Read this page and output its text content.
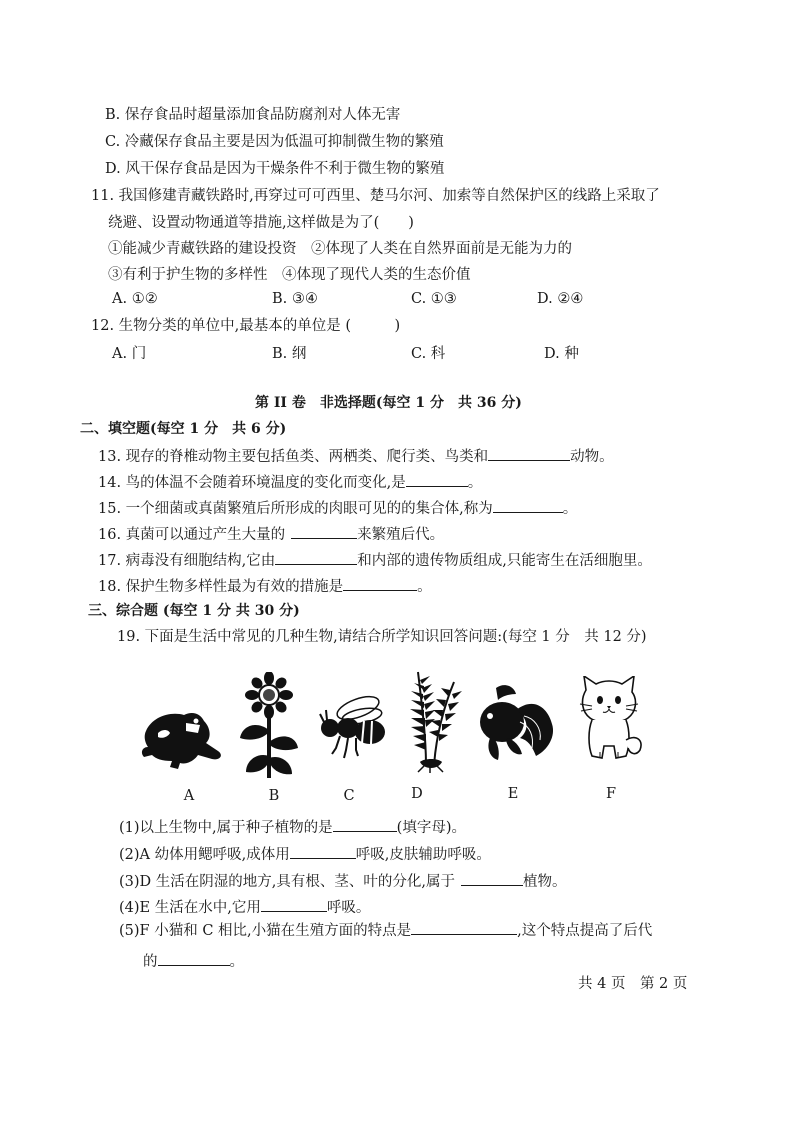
B. 保存食品时超量添加食品防腐剂对人体无害
C. 冷藏保存食品主要是因为低温可抑制微生物的繁殖
D. 风干保存食品是因为干燥条件不利于微生物的繁殖
11. 我国修建青藏铁路时,再穿过可可西里、楚马尔河、加索等自然保护区的线路上采取了
绕避、设置动物通道等措施,这样做是为了(　　)
①能减少青藏铁路的建设投资　②体现了人类在自然界面前是无能为力的
③有利于护生物的多样性　④体现了现代人类的生态价值
A. ①②	B. ③④	C. ①③	D. ②④
12. 生物分类的单位中,最基本的单位是 (　　　)
A. 门	B. 纲	C. 科	D. 种
第 II 卷　非选择题(每空 1 分　共 36 分)
二、填空题(每空 1 分　共 6 分)
13. 现存的脊椎动物主要包括鱼类、两栖类、爬行类、鸟类和	动物。
14. 鸟的体温不会随着环境温度的变化而变化,是	。
15. 一个细菌或真菌繁殖后所形成的肉眼可见的的集合体,称为	。
16. 真菌可以通过产生大量的	来繁殖后代。
17. 病毒没有细胞结构,它由	和内部的遗传物质组成,只能寄生在活细胞里。
18. 保护生物多样性最为有效的措施是	。
三、综合题 (每空 1 分 共 30 分)
19. 下面是生活中常见的几种生物,请结合所学知识回答问题:(每空 1 分　共 12 分)
A	B	C	D	E	F
(1)以上生物中,属于种子植物的是	(填字母)。
(2)A 幼体用鳃呼吸,成体用	呼吸,皮肤辅助呼吸。
(3)D 生活在阴湿的地方,具有根、茎、叶的分化,属于	植物。
(4)E 生活在水中,它用	呼吸。
(5)F 小猫和 C 相比,小猫在生殖方面的特点是	,这个特点提高了后代
的	。
共 4 页　第 2 页
